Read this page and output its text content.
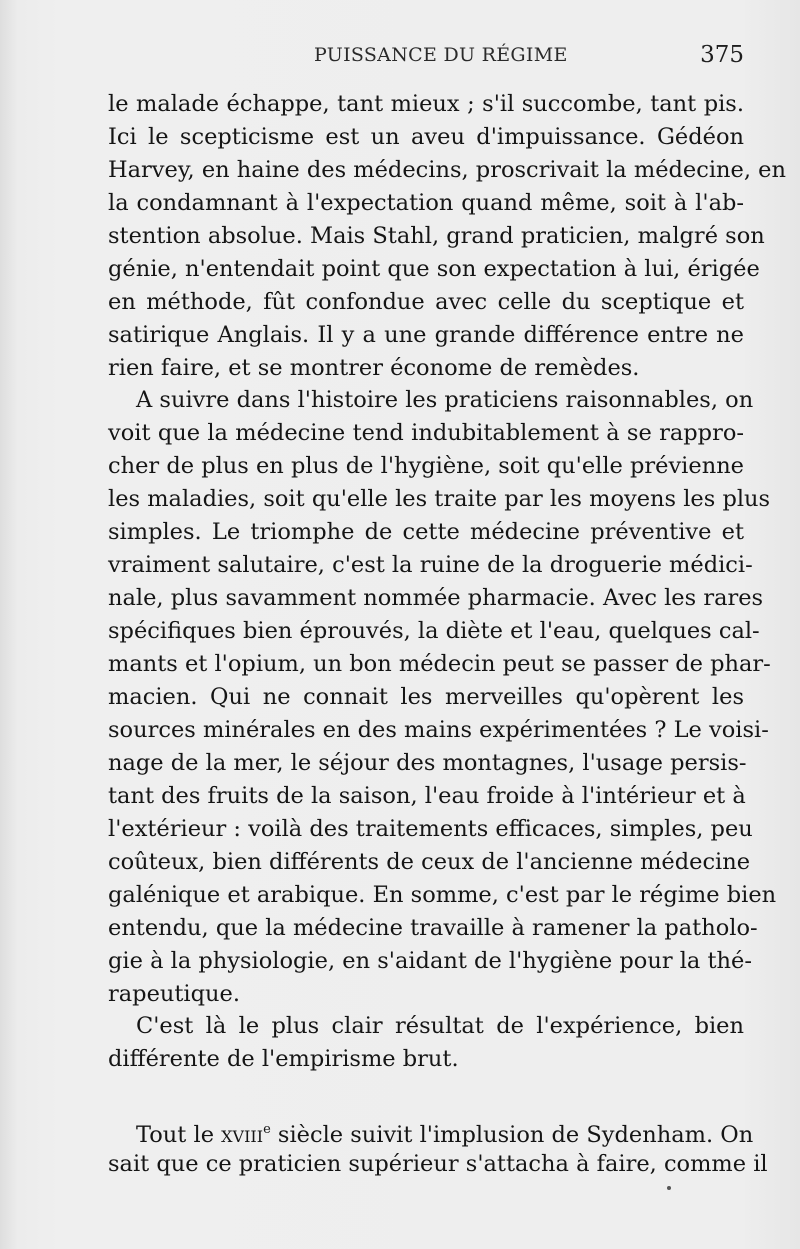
PUISSANCE DU RÉGIME	375
le malade échappe, tant mieux ; s'il succombe, tant pis.
Ici le scepticisme est un aveu d'impuissance. Gédéon
Harvey, en haine des médecins, proscrivait la médecine, en
la condamnant à l'expectation quand même, soit à l'ab-
stention absolue. Mais Stahl, grand praticien, malgré son
génie, n'entendait point que son expectation à lui, érigée
en méthode, fût confondue avec celle du sceptique et
satirique Anglais. Il y a une grande différence entre ne
rien faire, et se montrer économe de remèdes.
A suivre dans l'histoire les praticiens raisonnables, on
voit que la médecine tend indubitablement à se rappro-
cher de plus en plus de l'hygiène, soit qu'elle prévienne
les maladies, soit qu'elle les traite par les moyens les plus
simples. Le triomphe de cette médecine préventive et
vraiment salutaire, c'est la ruine de la droguerie médici-
nale, plus savamment nommée pharmacie. Avec les rares
spécifiques bien éprouvés, la diète et l'eau, quelques cal-
mants et l'opium, un bon médecin peut se passer de phar-
macien. Qui ne connait les merveilles qu'opèrent les
sources minérales en des mains expérimentées ? Le voisi-
nage de la mer, le séjour des montagnes, l'usage persis-
tant des fruits de la saison, l'eau froide à l'intérieur et à
l'extérieur : voilà des traitements efficaces, simples, peu
coûteux, bien différents de ceux de l'ancienne médecine
galénique et arabique. En somme, c'est par le régime bien
entendu, que la médecine travaille à ramener la patholo-
gie à la physiologie, en s'aidant de l'hygiène pour la thé-
rapeutique.
C'est là le plus clair résultat de l'expérience, bien
différente de l'empirisme brut.
Tout le xviii$^e$ siècle suivit l'implusion de Sydenham. On
sait que ce praticien supérieur s'attacha à faire, comme il
